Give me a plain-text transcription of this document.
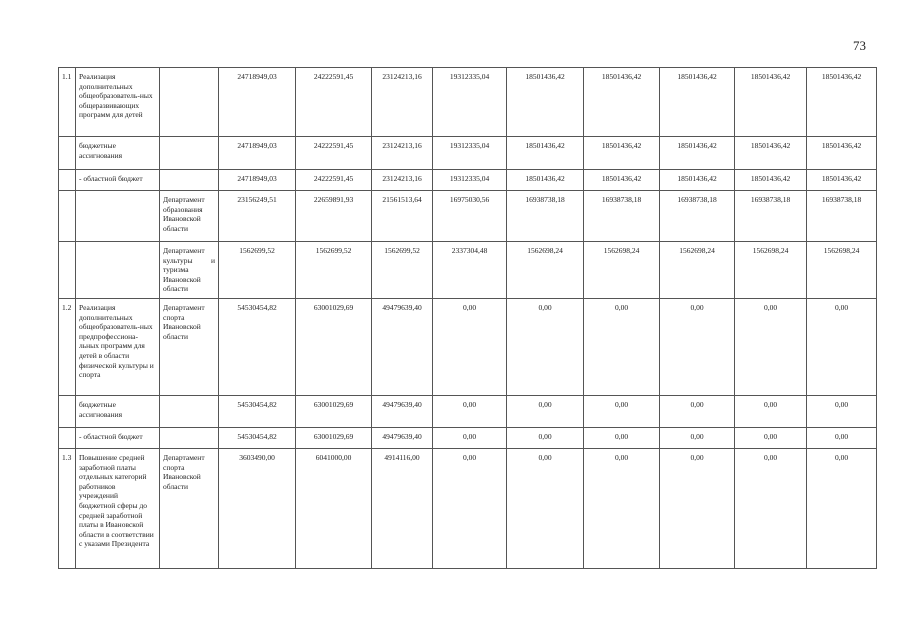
73
1.1	Реализация дополнительных общеобразователь-ных общеразвивающих программ для детей		24718949,03	24222591,45	23124213,16	19312335,04	18501436,42	18501436,42	18501436,42	18501436,42	18501436,42
	бюджетные ассигнования		24718949,03	24222591,45	23124213,16	19312335,04	18501436,42	18501436,42	18501436,42	18501436,42	18501436,42
	- областной бюджет		24718949,03	24222591,45	23124213,16	19312335,04	18501436,42	18501436,42	18501436,42	18501436,42	18501436,42
		Департамент образования Ивановской области	23156249,51	22659891,93	21561513,64	16975030,56	16938738,18	16938738,18	16938738,18	16938738,18	16938738,18
		Департамент культуры и туризма Ивановской области	1562699,52	1562699,52	1562699,52	2337304,48	1562698,24	1562698,24	1562698,24	1562698,24	1562698,24
1.2	Реализация дополнительных общеобразователь-ных предпрофессиона-льных программ для детей в области физической культуры и спорта	Департамент спорта Ивановской области	54530454,82	63001029,69	49479639,40	0,00	0,00	0,00	0,00	0,00	0,00
	бюджетные ассигнования		54530454,82	63001029,69	49479639,40	0,00	0,00	0,00	0,00	0,00	0,00
	- областной бюджет		54530454,82	63001029,69	49479639,40	0,00	0,00	0,00	0,00	0,00	0,00
1.3	Повышение средней заработной платы отдельных категорий работников учреждений бюджетной сферы до средней заработной платы в Ивановской области в соответствии с указами Президента	Департамент спорта Ивановской области	3603490,00	6041000,00	4914116,00	0,00	0,00	0,00	0,00	0,00	0,00
